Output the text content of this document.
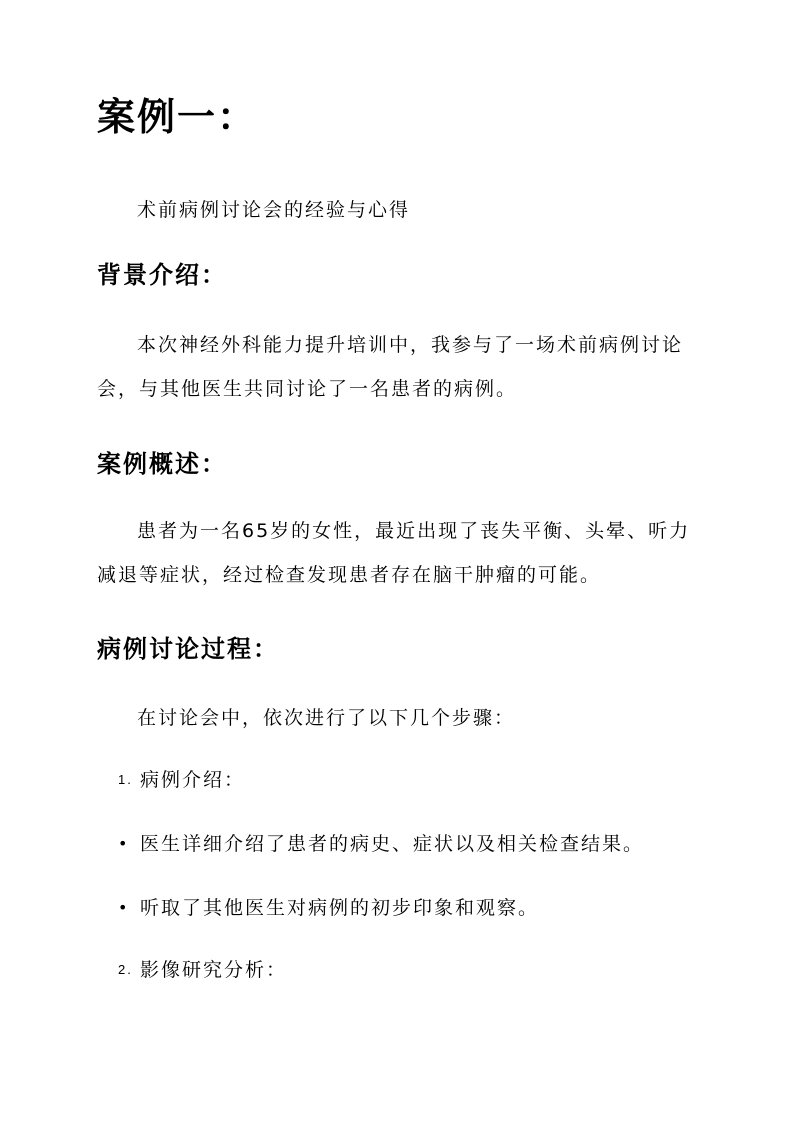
案例一：

术前病例讨论会的经验与心得

背景介绍：

本次神经外科能力提升培训中，我参与了一场术前病例讨论会，与其他医生共同讨论了一名患者的病例。

案例概述：

患者为一名65岁的女性，最近出现了丧失平衡、头晕、听力减退等症状，经过检查发现患者存在脑干肿瘤的可能。

病例讨论过程：

在讨论会中，依次进行了以下几个步骤：

1. 病例介绍：
• 医生详细介绍了患者的病史、症状以及相关检查结果。
• 听取了其他医生对病例的初步印象和观察。
2. 影像研究分析：
